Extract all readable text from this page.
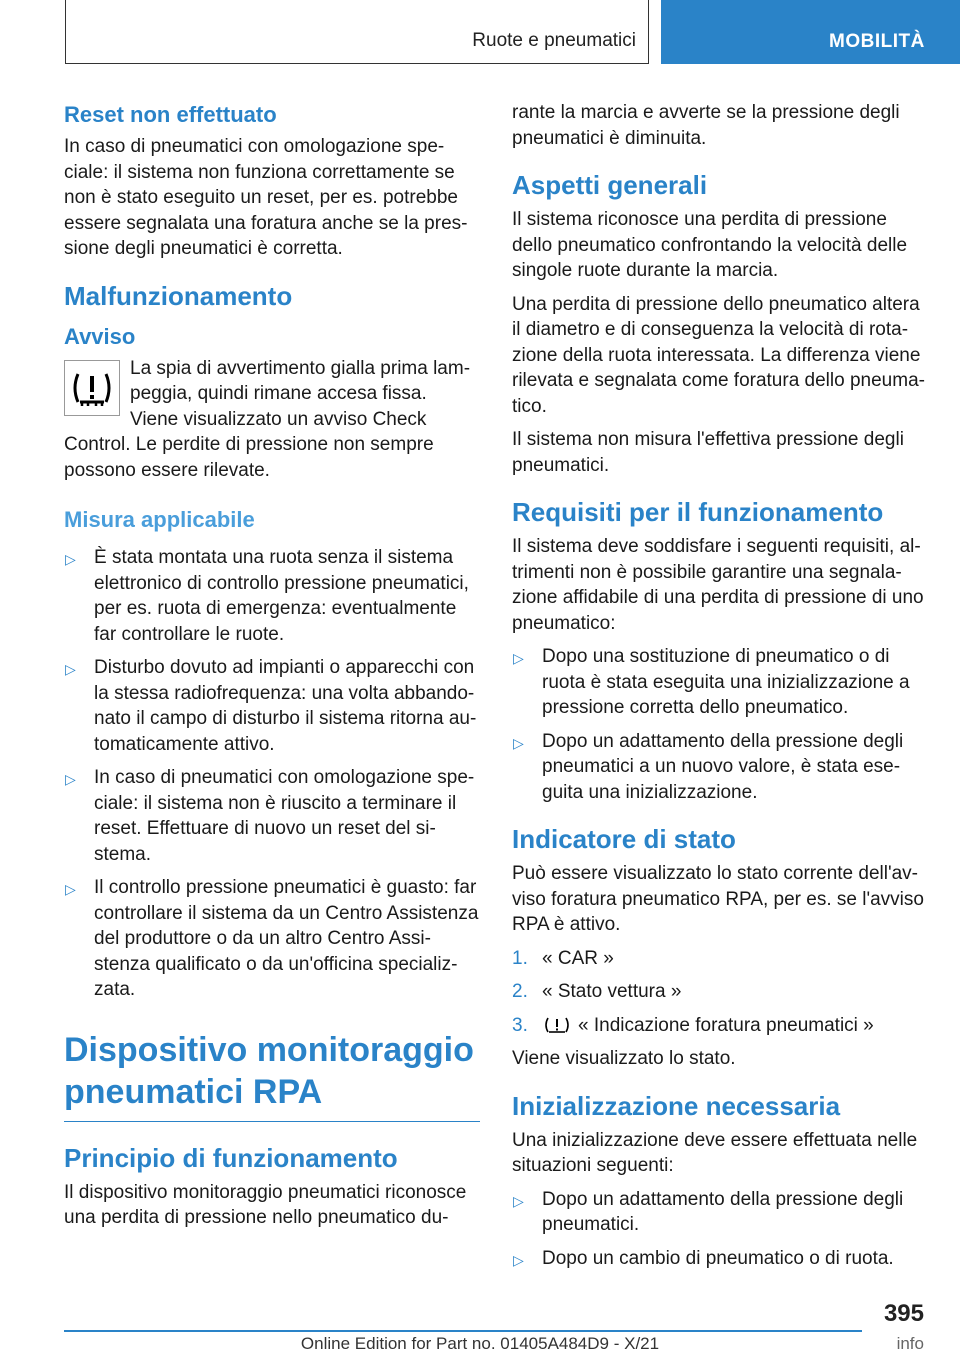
Ruote e pneumatici	MOBILITÀ
Reset non effettuato

In caso di pneumatici con omologazione spe-ciale: il sistema non funziona correttamente se non è stato eseguito un reset, per es. potrebbe essere segnalata una foratura anche se la pres-sione degli pneumatici è corretta.

Malfunzionamento
Avviso

La spia di avvertimento gialla prima lam-peggia, quindi rimane accesa fissa. Viene visualizzato un avviso Check Control. Le perdite di pressione non sempre possono essere rilevate.

Misura applicabile
▷ È stata montata una ruota senza il sistema elettronico di controllo pressione pneumatici, per es. ruota di emergenza: eventualmente far controllare le ruote.
▷ Disturbo dovuto ad impianti o apparecchi con la stessa radiofrequenza: una volta abbando-nato il campo di disturbo il sistema ritorna au-tomaticamente attivo.
▷ In caso di pneumatici con omologazione spe-ciale: il sistema non è riuscito a terminare il reset. Effettuare di nuovo un reset del si-stema.
▷ Il controllo pressione pneumatici è guasto: far controllare il sistema da un Centro Assistenza del produttore o da un altro Centro Assi-stenza qualificato o da un'officina specializ-zata.
Dispositivo monitoraggio pneumatici RPA
Principio di funzionamento

Il dispositivo monitoraggio pneumatici riconosce una perdita di pressione nello pneumatico du-

rante la marcia e avverte se la pressione degli pneumatici è diminuita.

Aspetti generali

Il sistema riconosce una perdita di pressione dello pneumatico confrontando la velocità delle singole ruote durante la marcia.

Una perdita di pressione dello pneumatico altera il diametro e di conseguenza la velocità di rota-zione della ruota interessata. La differenza viene rilevata e segnalata come foratura dello pneuma-tico.

Il sistema non misura l'effettiva pressione degli pneumatici.

Requisiti per il funzionamento

Il sistema deve soddisfare i seguenti requisiti, al-trimenti non è possibile garantire una segnala-zione affidabile di una perdita di pressione di uno pneumatico:

▷ Dopo una sostituzione di pneumatico o di ruota è stata eseguita una inizializzazione a pressione corretta dello pneumatico.
▷ Dopo un adattamento della pressione degli pneumatici a un nuovo valore, è stata ese-guita una inizializzazione.
Indicatore di stato

Può essere visualizzato lo stato corrente dell'av-viso foratura pneumatico RPA, per es. se l'avviso RPA è attivo.

1. « CAR »
2. « Stato vettura »
3.	« Indicazione foratura pneumatici »

Viene visualizzato lo stato.

Inizializzazione necessaria

Una inizializzazione deve essere effettuata nelle situazioni seguenti:

▷ Dopo un adattamento della pressione degli pneumatici.
▷ Dopo un cambio di pneumatico o di ruota.
395
Online Edition for Part no. 01405A484D9 - X/21	info
